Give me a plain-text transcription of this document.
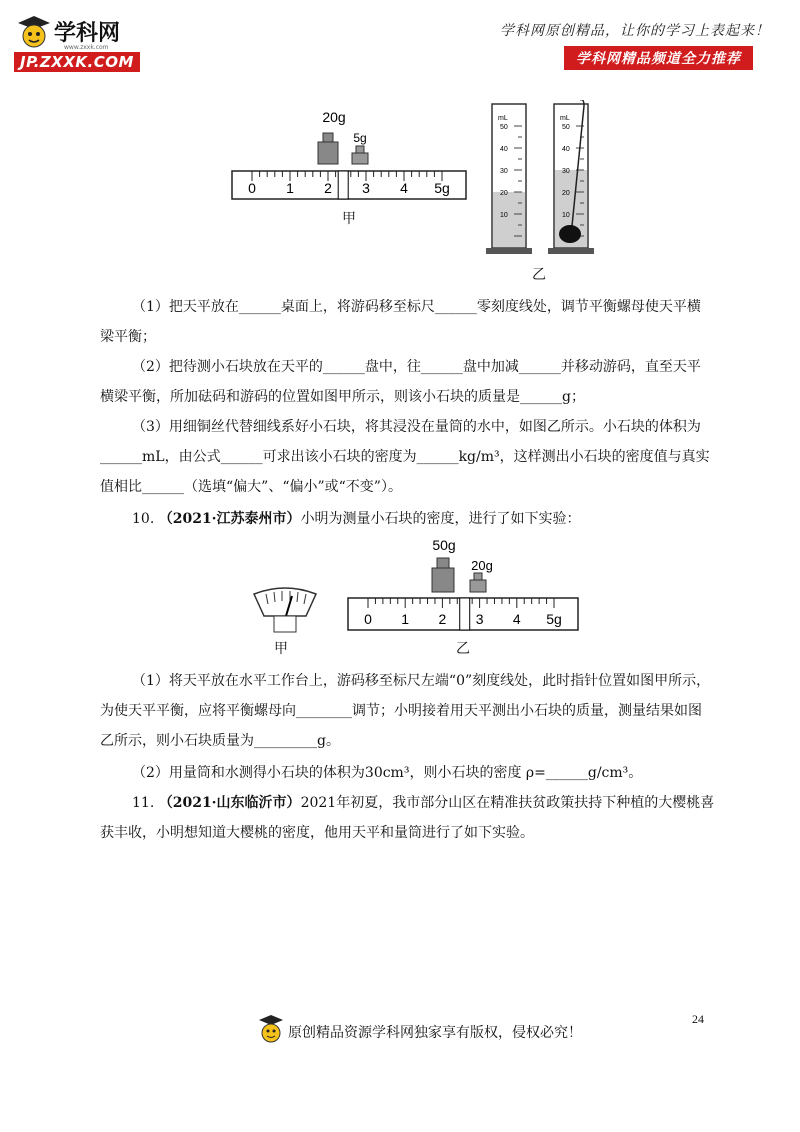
学科网
www.zxxk.com
JP.ZXXK.COM
学科网原创精品，让你的学习上表起来！
学科网精品频道全力推荐
20g
5g
0 1 2 3 4 5g
甲
mL
50
40
30
20
10
mL
50
40
30
20
10
乙
（1）把天平放在______桌面上，将游码移至标尺______零刻度线处，调节平衡螺母使天平横
梁平衡；
（2）把待测小石块放在天平的______盘中，往______盘中加减______并移动游码，直至天平
横梁平衡，所加砝码和游码的位置如图甲所示，则该小石块的质量是______g；
（3）用细铜丝代替细线系好小石块，将其浸没在量筒的水中，如图乙所示。小石块的体积为
______mL，由公式______可求出该小石块的密度为______kg/m³，这样测出小石块的密度值与真实
值相比______（选填“偏大”、“偏小”或“不变”）。
10. （2021·江苏泰州市）小明为测量小石块的密度，进行了如下实验：
甲
50g
20g
0 1 2 3 4 5g
乙
（1）将天平放在水平工作台上，游码移至标尺左端“0”刻度线处，此时指针位置如图甲所示，
为使天平平衡，应将平衡螺母向________调节；小明接着用天平测出小石块的质量，测量结果如图
乙所示，则小石块质量为_________g。
（2）用量筒和水测得小石块的体积为30cm³，则小石块的密度 ρ=______g/cm³。
11. （2021·山东临沂市）2021年初夏，我市部分山区在精准扶贫政策扶持下种植的大樱桃喜
获丰收，小明想知道大樱桃的密度，他用天平和量筒进行了如下实验。
24
原创精品资源学科网独家享有版权，侵权必究！
